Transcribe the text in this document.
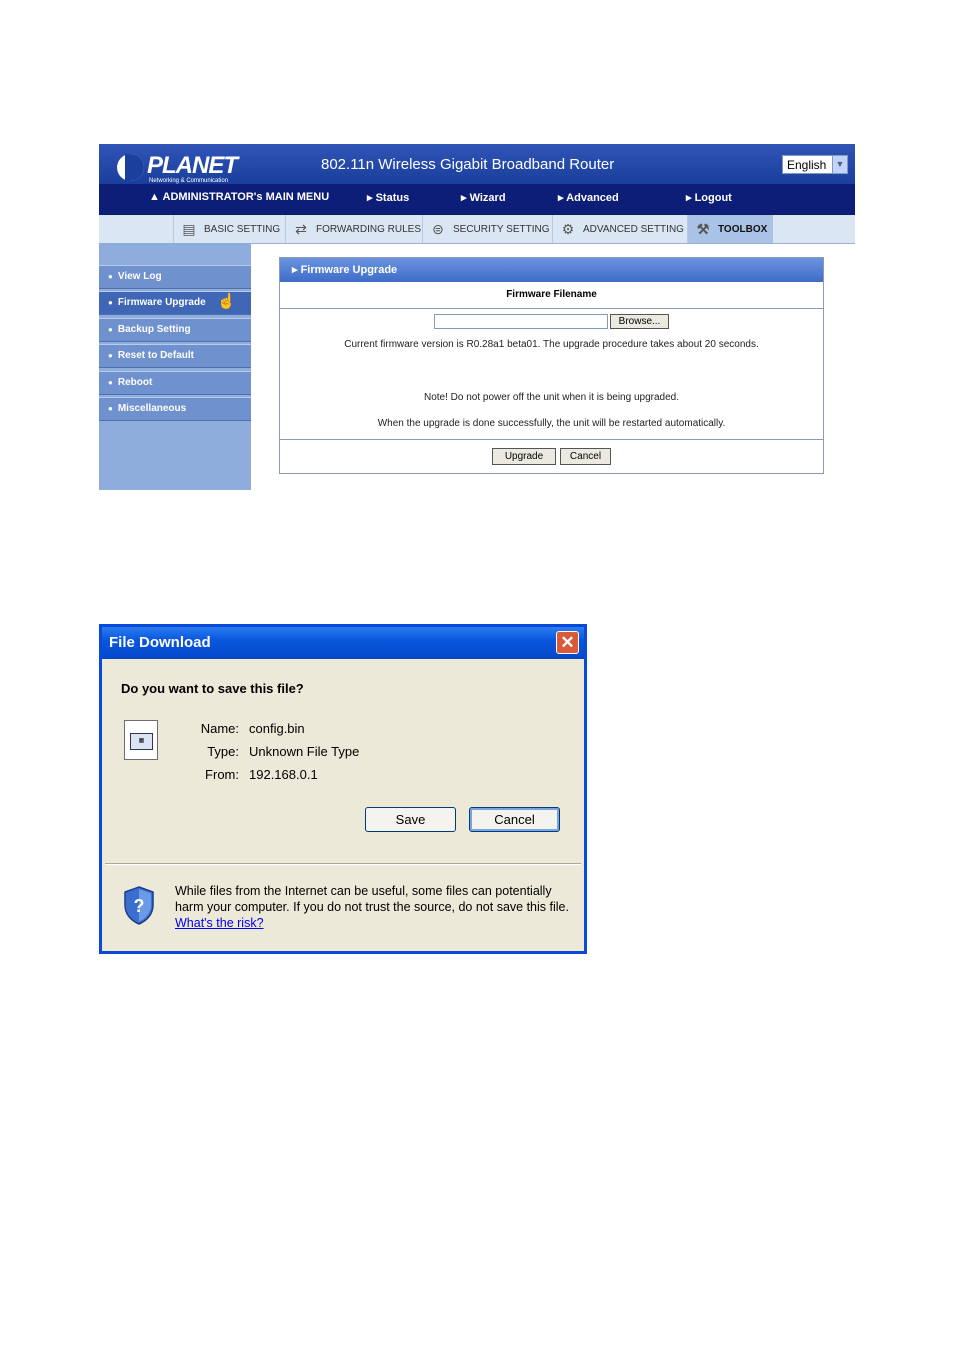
PLANET
Networking & Communication
802.11n Wireless Gigabit Broadband Router	English	▼
▲ ADMINISTRATOR's MAIN MENU	▸ Status	▸ Wizard	▸ Advanced	▸ Logout
▤ BASIC SETTING	⇄ FORWARDING RULES ⊜ SECURITY SETTING ⚙ ADVANCED SETTING ⚒ TOOLBOX
● View Log
● Firmware Upgrade ☝
● Backup Setting
● Reset to Default
● Reboot
● Miscellaneous
▸ Firmware Upgrade
Firmware Filename
Browse...
Current firmware version is R0.28a1 beta01. The upgrade procedure takes about 20 seconds.
Note! Do not power off the unit when it is being upgraded.
When the upgrade is done successfully, the unit will be restarted automatically.
Upgrade	Cancel
File Download	✕
Do you want to save this file?
▦
Name: config.bin
Type: Unknown File Type
From: 192.168.0.1
Save	Cancel
?
While files from the Internet can be useful, some files can potentially harm your computer. If you do not trust the source, do not save this file. What's the risk?
